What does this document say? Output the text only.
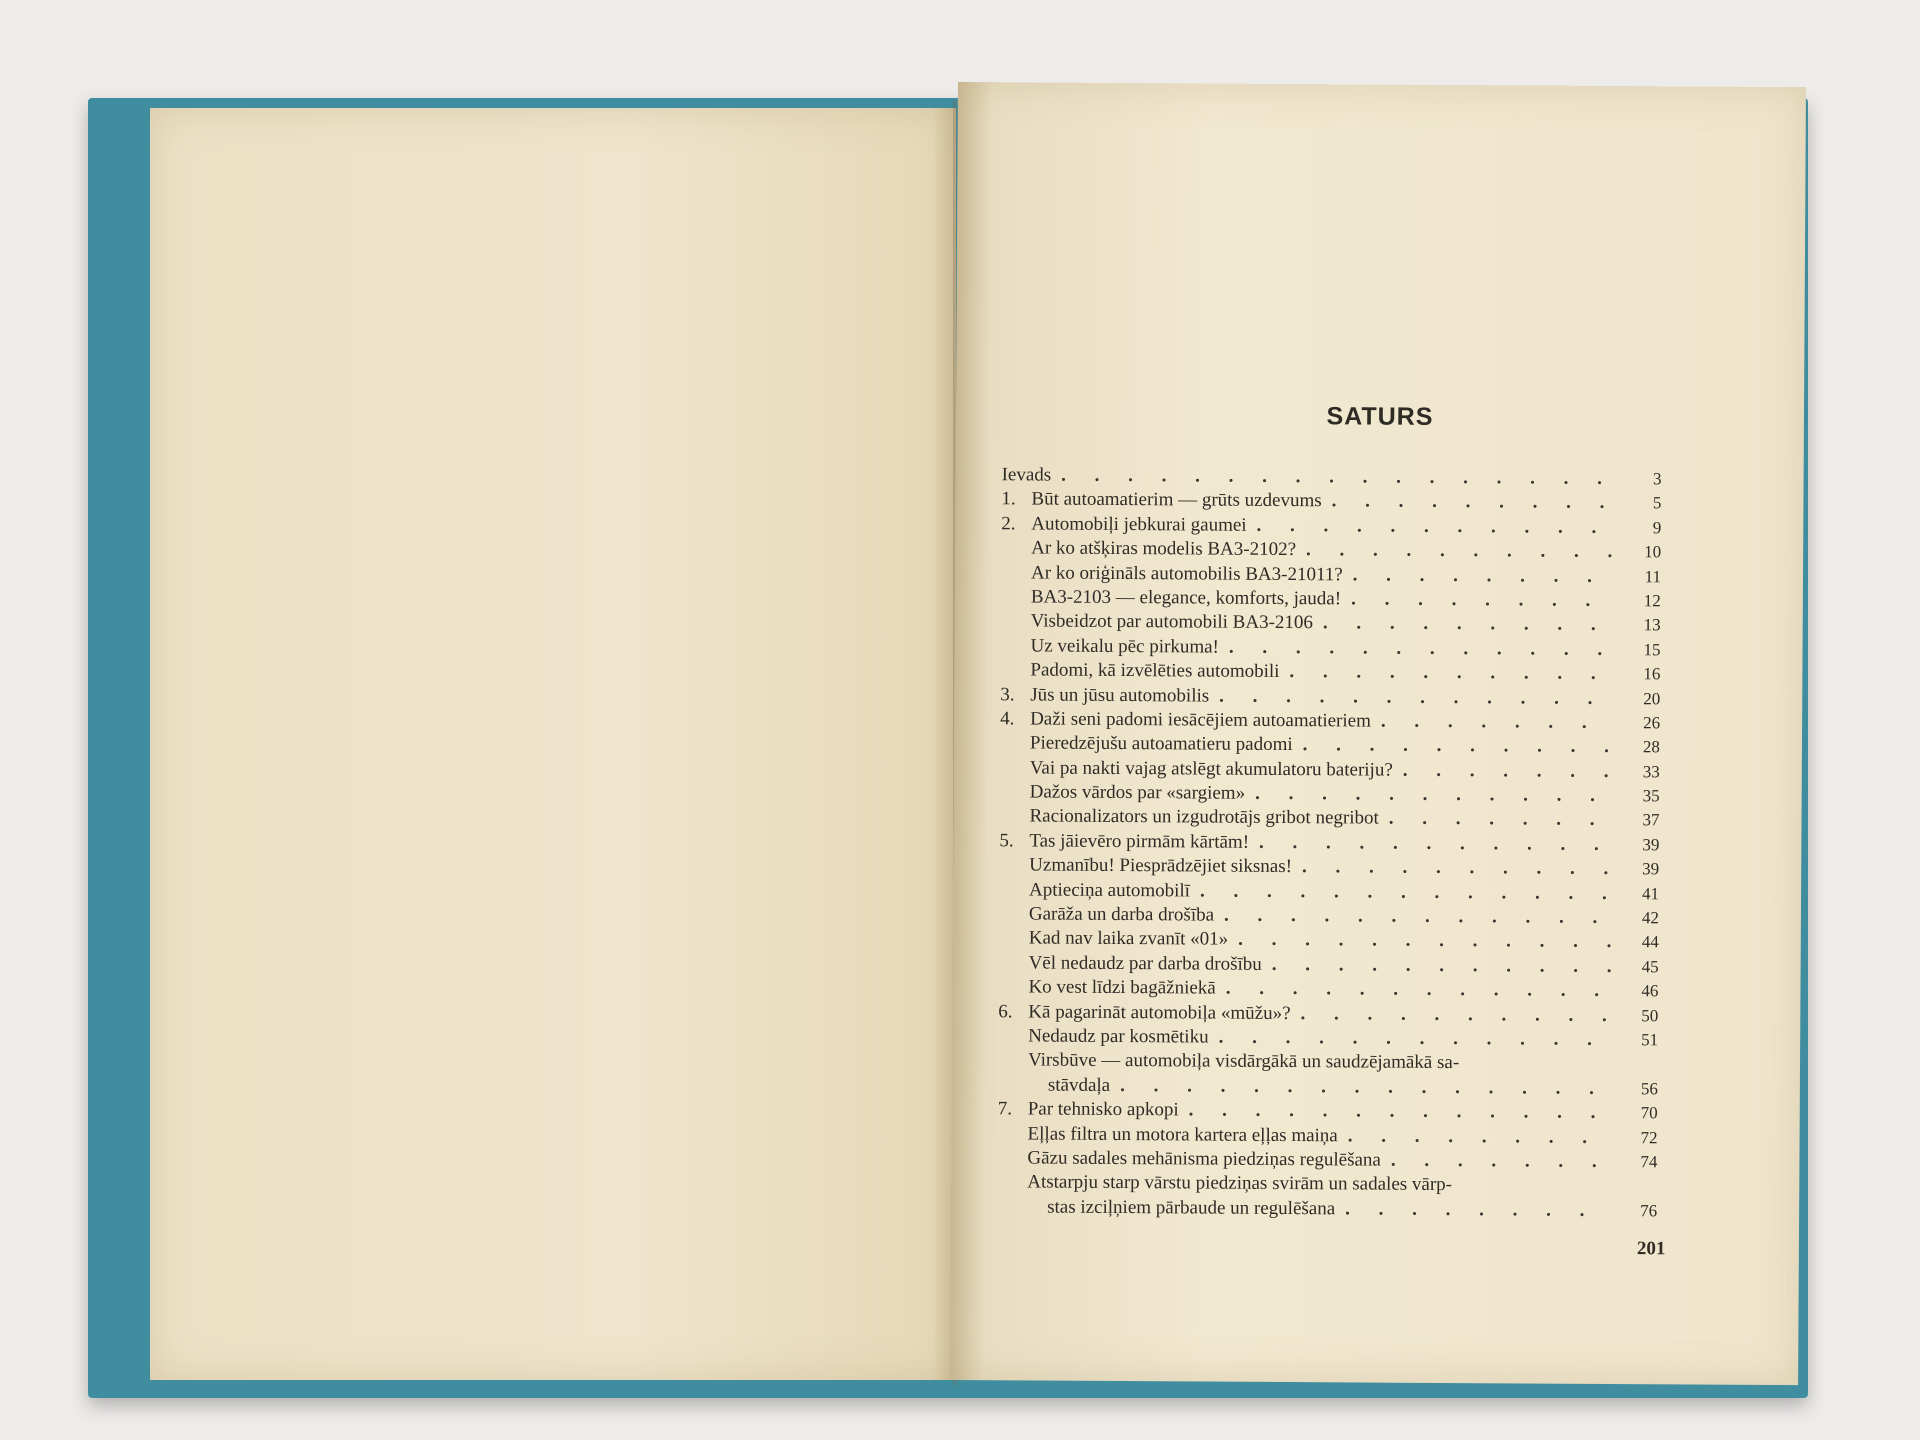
SATURS
Ievads . . .	3
1. Būt autoamatierim — grūts uzdevums . . .	5
2. Automobiļi jebkurai gaumei . . .	9
Ar ko atšķiras modelis BA3-2102? . . .	10
Ar ko oriģināls automobilis BA3-21011? . . .	11
BA3-2103 — elegance, komforts, jauda! . . .	12
Visbeidzot par automobili BA3-2106 . . .	13
Uz veikalu pēc pirkuma! . . .	15
Padomi, kā izvēlēties automobili . . .	16
3. Jūs un jūsu automobilis . . .	20
4. Daži seni padomi iesācējiem autoamatieriem . . .	26
Pieredzējušu autoamatieru padomi . . .	28
Vai pa nakti vajag atslēgt akumulatoru bateriju? . . .	33
Dažos vārdos par «sargiem» . . .	35
Racionalizators un izgudrotājs gribot negribot . . .	37
5. Tas jāievēro pirmām kārtām! . . .	39
Uzmanību! Piesprādzējiet siksnas! . . .	39
Aptieciņa automobilī . . .	41
Garāža un darba drošība . . .	42
Kad nav laika zvanīt «01» . . .	44
Vēl nedaudz par darba drošību . . .	45
Ko vest līdzi bagāžniekā . . .	46
6. Kā pagarināt automobiļa «mūžu»? . . .	50
Nedaudz par kosmētiku . . .	51
Virsbūve — automobiļa visdārgākā un saudzējamākā sa-
stāvdaļa . . .	56
7. Par tehnisko apkopi . . .	70
Eļļas filtra un motora kartera eļļas maiņa . . .	72
Gāzu sadales mehānisma piedziņas regulēšana . . .	74
Atstarpju starp vārstu piedziņas svirām un sadales vārp-
stas izciļņiem pārbaude un regulēšana . . .	76
201
